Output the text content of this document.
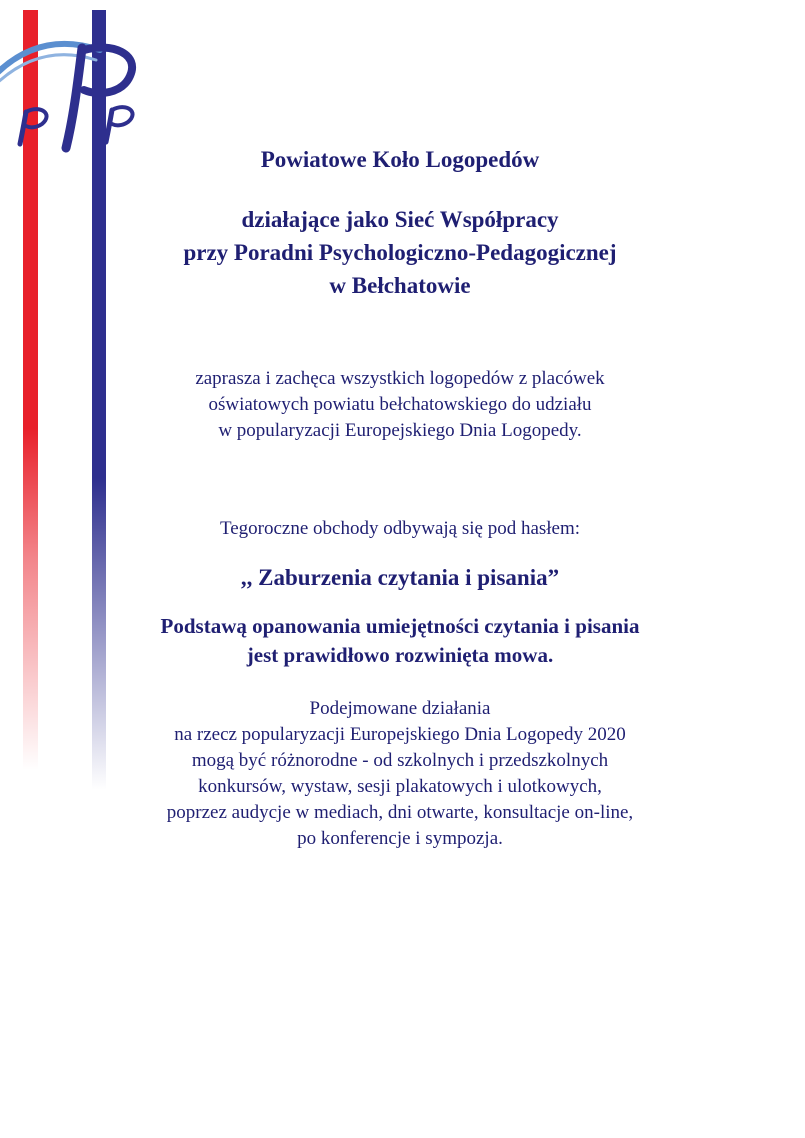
Powiatowe Koło Logopedów
działające jako Sieć Współpracy
przy Poradni Psychologiczno-Pedagogicznej
w Bełchatowie
zaprasza i zachęca wszystkich logopedów z placówek
oświatowych powiatu bełchatowskiego do udziału
w popularyzacji Europejskiego Dnia Logopedy.
Tegoroczne obchody odbywają się pod hasłem:
,, Zaburzenia czytania i pisania”
Podstawą opanowania umiejętności czytania i pisania
jest prawidłowo rozwinięta mowa.
Podejmowane działania
na rzecz popularyzacji Europejskiego Dnia Logopedy 2020
mogą być różnorodne - od szkolnych i przedszkolnych
konkursów, wystaw, sesji plakatowych i ulotkowych,
poprzez audycje w mediach, dni otwarte, konsultacje on-line,
po konferencje i sympozja.
